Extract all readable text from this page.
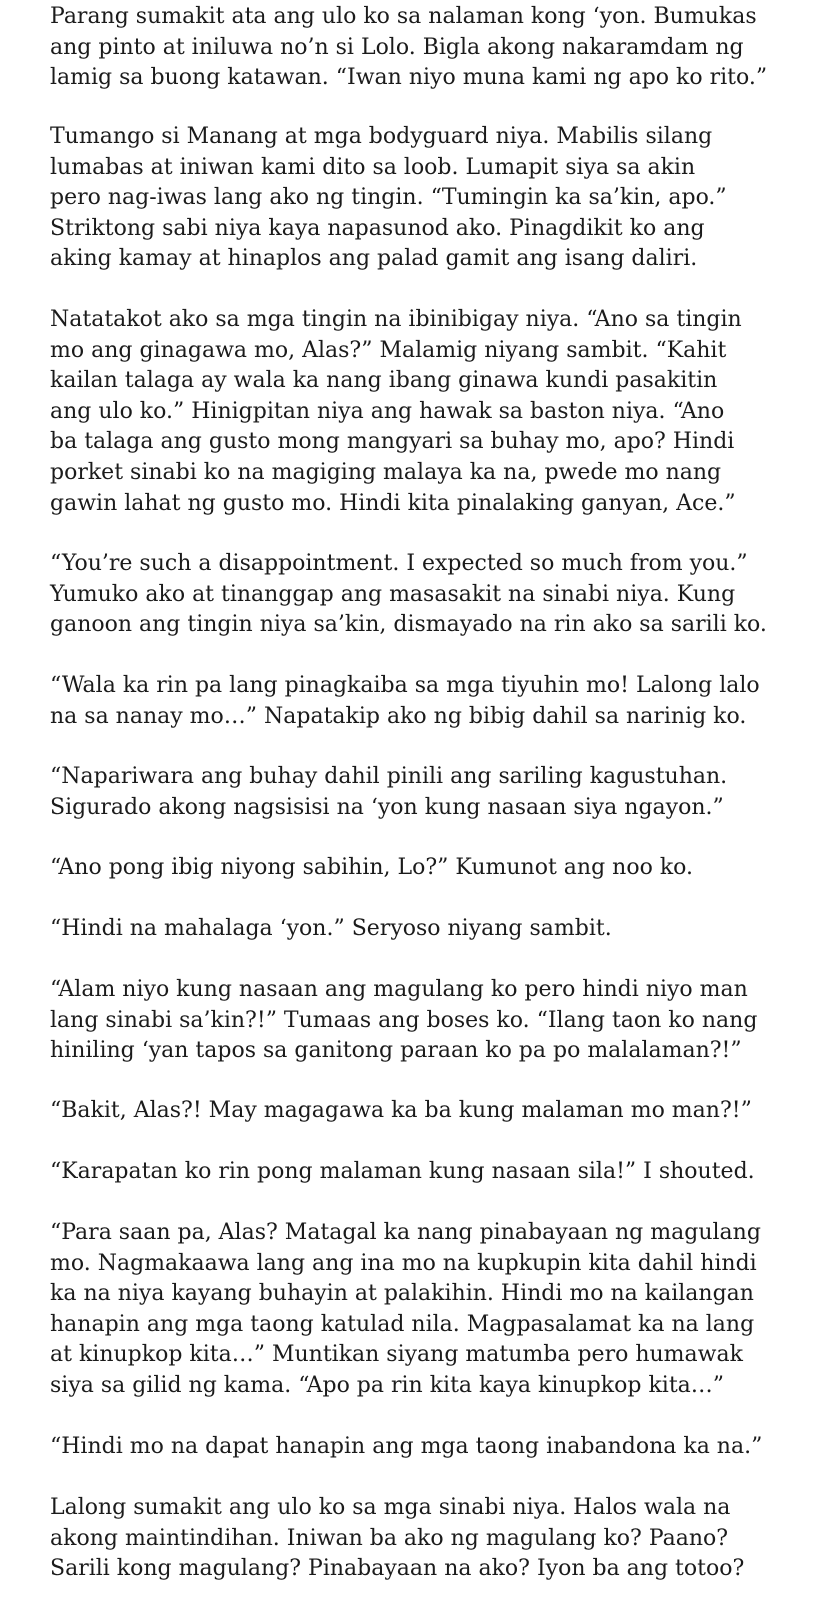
Parang sumakit ata ang ulo ko sa nalaman kong ‘yon. Bumukas
ang pinto at iniluwa no’n si Lolo. Bigla akong nakaramdam ng
lamig sa buong katawan. “Iwan niyo muna kami ng apo ko rito.”

Tumango si Manang at mga bodyguard niya. Mabilis silang
lumabas at iniwan kami dito sa loob. Lumapit siya sa akin
pero nag-iwas lang ako ng tingin. “Tumingin ka sa’kin, apo.”
Striktong sabi niya kaya napasunod ako. Pinagdikit ko ang
aking kamay at hinaplos ang palad gamit ang isang daliri.

Natatakot ako sa mga tingin na ibinibigay niya. “Ano sa tingin
mo ang ginagawa mo, Alas?” Malamig niyang sambit. “Kahit
kailan talaga ay wala ka nang ibang ginawa kundi pasakitin
ang ulo ko.” Hinigpitan niya ang hawak sa baston niya. “Ano
ba talaga ang gusto mong mangyari sa buhay mo, apo? Hindi
porket sinabi ko na magiging malaya ka na, pwede mo nang
gawin lahat ng gusto mo. Hindi kita pinalaking ganyan, Ace.”

“You’re such a disappointment. I expected so much from you.”
Yumuko ako at tinanggap ang masasakit na sinabi niya. Kung
ganoon ang tingin niya sa’kin, dismayado na rin ako sa sarili ko.

“Wala ka rin pa lang pinagkaiba sa mga tiyuhin mo! Lalong lalo
na sa nanay mo…” Napatakip ako ng bibig dahil sa narinig ko.

“Napariwara ang buhay dahil pinili ang sariling kagustuhan.
Sigurado akong nagsisisi na ‘yon kung nasaan siya ngayon.”

“Ano pong ibig niyong sabihin, Lo?” Kumunot ang noo ko.

“Hindi na mahalaga ‘yon.” Seryoso niyang sambit.

“Alam niyo kung nasaan ang magulang ko pero hindi niyo man
lang sinabi sa’kin?!” Tumaas ang boses ko. “Ilang taon ko nang
hiniling ‘yan tapos sa ganitong paraan ko pa po malalaman?!”

“Bakit, Alas?! May magagawa ka ba kung malaman mo man?!”

“Karapatan ko rin pong malaman kung nasaan sila!” I shouted.

“Para saan pa, Alas? Matagal ka nang pinabayaan ng magulang
mo. Nagmakaawa lang ang ina mo na kupkupin kita dahil hindi
ka na niya kayang buhayin at palakihin. Hindi mo na kailangan
hanapin ang mga taong katulad nila. Magpasalamat ka na lang
at kinupkop kita…” Muntikan siyang matumba pero humawak
siya sa gilid ng kama. “Apo pa rin kita kaya kinupkop kita…”

“Hindi mo na dapat hanapin ang mga taong inabandona ka na.”

Lalong sumakit ang ulo ko sa mga sinabi niya. Halos wala na
akong maintindihan. Iniwan ba ako ng magulang ko? Paano?
Sarili kong magulang? Pinabayaan na ako? Iyon ba ang totoo?
